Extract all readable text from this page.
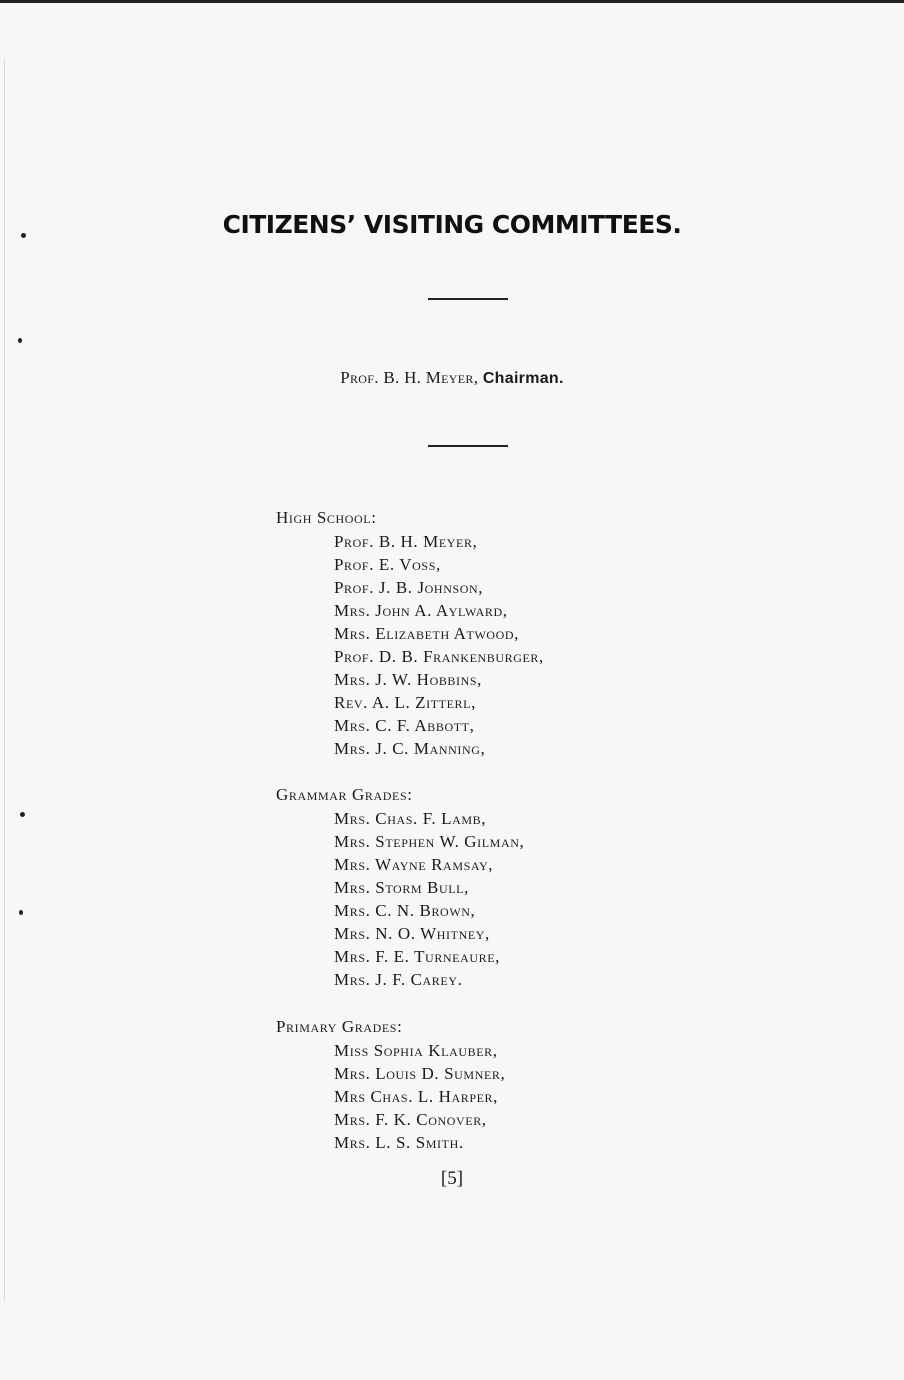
CITIZENS’ VISITING COMMITTEES.
Prof. B. H. Meyer, Chairman.
High School:
Prof. B. H. Meyer,
Prof. E. Voss,
Prof. J. B. Johnson,
Mrs. John A. Aylward,
Mrs. Elizabeth Atwood,
Prof. D. B. Frankenburger,
Mrs. J. W. Hobbins,
Rev. A. L. Zitterl,
Mrs. C. F. Abbott,
Mrs. J. C. Manning,
Grammar Grades:
Mrs. Chas. F. Lamb,
Mrs. Stephen W. Gilman,
Mrs. Wayne Ramsay,
Mrs. Storm Bull,
Mrs. C. N. Brown,
Mrs. N. O. Whitney,
Mrs. F. E. Turneaure,
Mrs. J. F. Carey.
Primary Grades:
Miss Sophia Klauber,
Mrs. Louis D. Sumner,
Mrs Chas. L. Harper,
Mrs. F. K. Conover,
Mrs. L. S. Smith.
[5]
